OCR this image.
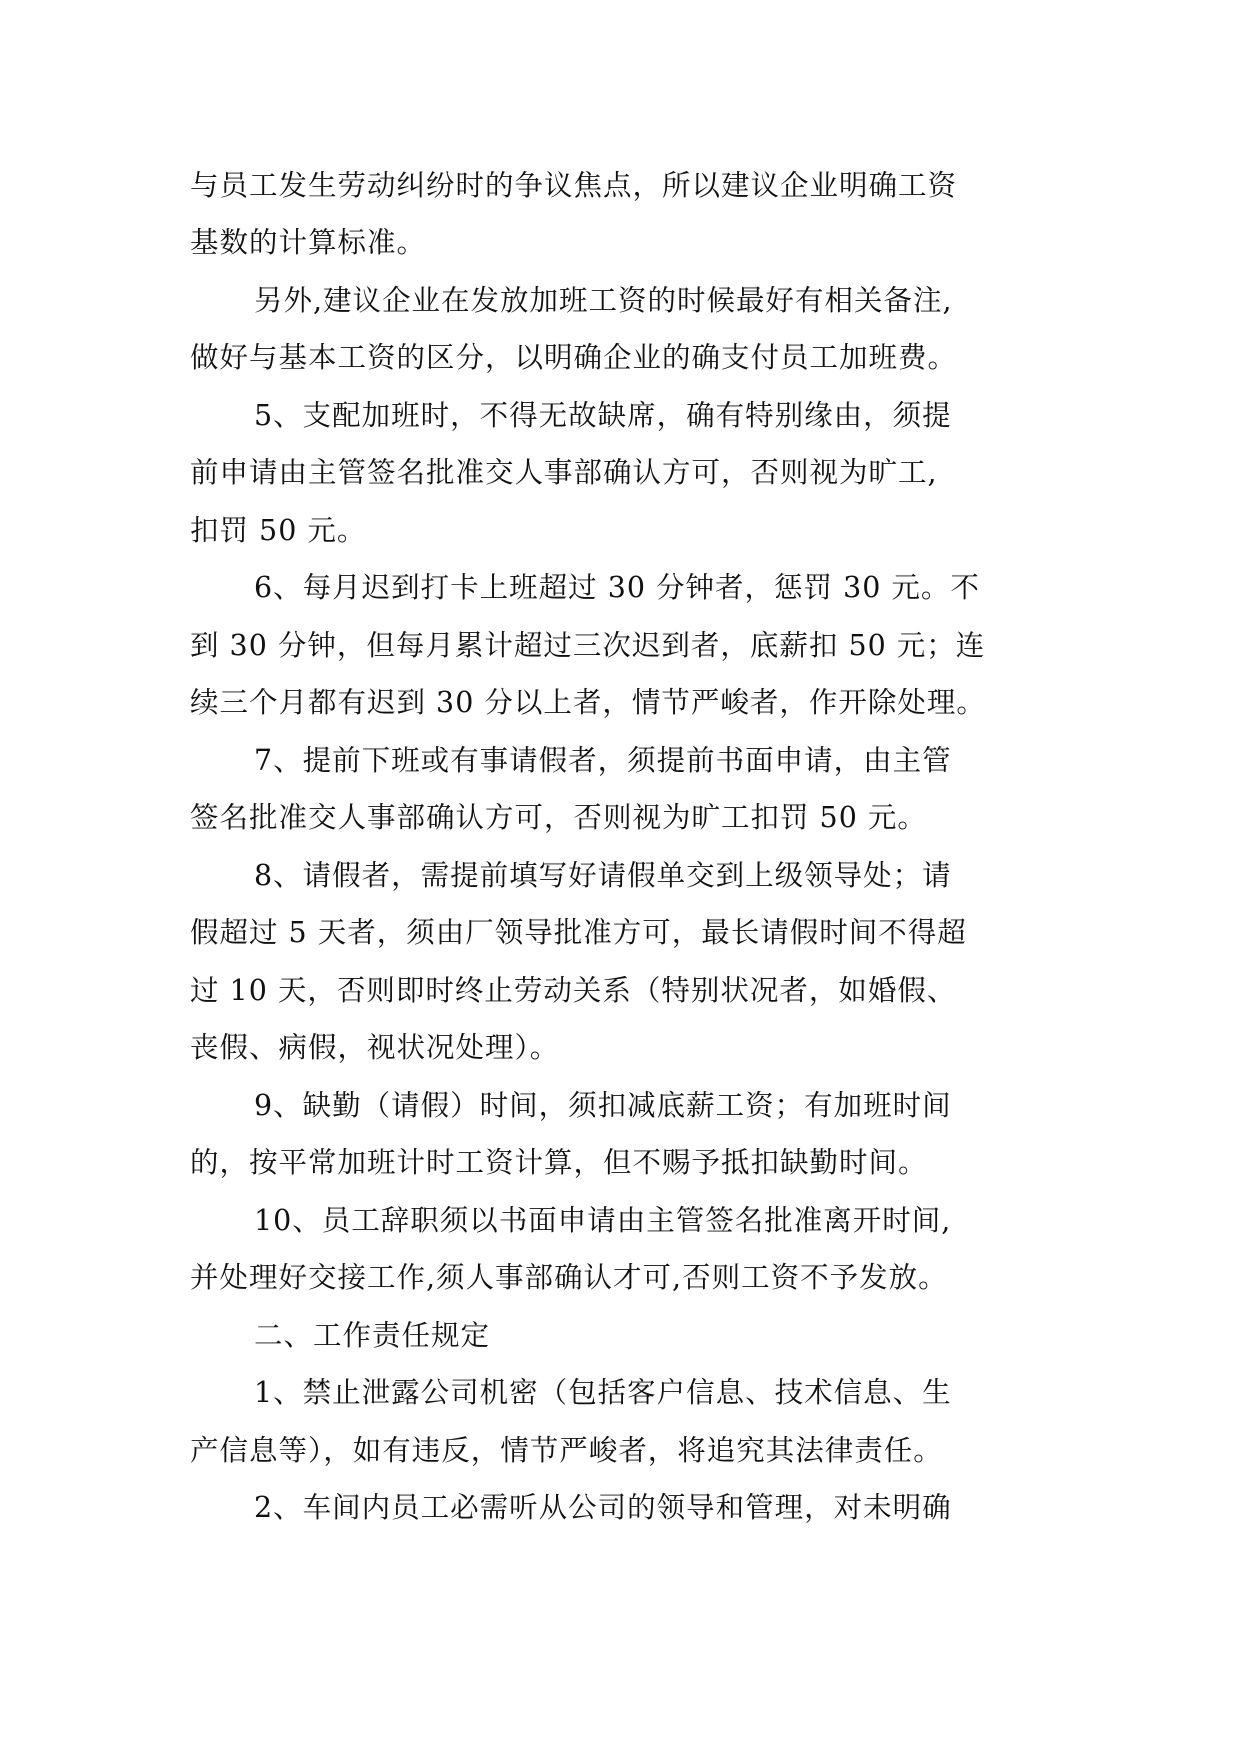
与员工发生劳动纠纷时的争议焦点，所以建议企业明确工资

基数的计算标准。

另外,建议企业在发放加班工资的时候最好有相关备注,

做好与基本工资的区分，以明确企业的确支付员工加班费。

5、支配加班时，不得无故缺席，确有特别缘由，须提

前申请由主管签名批准交人事部确认方可，否则视为旷工,

扣罚 50 元。

6、每月迟到打卡上班超过 30 分钟者，惩罚 30 元。不

到 30 分钟，但每月累计超过三次迟到者，底薪扣 50 元；连

续三个月都有迟到 30 分以上者，情节严峻者，作开除处理。

7、提前下班或有事请假者，须提前书面申请，由主管

签名批准交人事部确认方可，否则视为旷工扣罚 50 元。

8、请假者，需提前填写好请假单交到上级领导处；请

假超过 5 天者，须由厂领导批准方可，最长请假时间不得超

过 10 天，否则即时终止劳动关系（特别状况者，如婚假、

丧假、病假，视状况处理）。

9、缺勤（请假）时间，须扣减底薪工资；有加班时间

的，按平常加班计时工资计算，但不赐予抵扣缺勤时间。

10、员工辞职须以书面申请由主管签名批准离开时间,

并处理好交接工作,须人事部确认才可,否则工资不予发放。

二、工作责任规定

1、禁止泄露公司机密（包括客户信息、技术信息、生

产信息等），如有违反，情节严峻者，将追究其法律责任。

2、车间内员工必需听从公司的领导和管理，对未明确
